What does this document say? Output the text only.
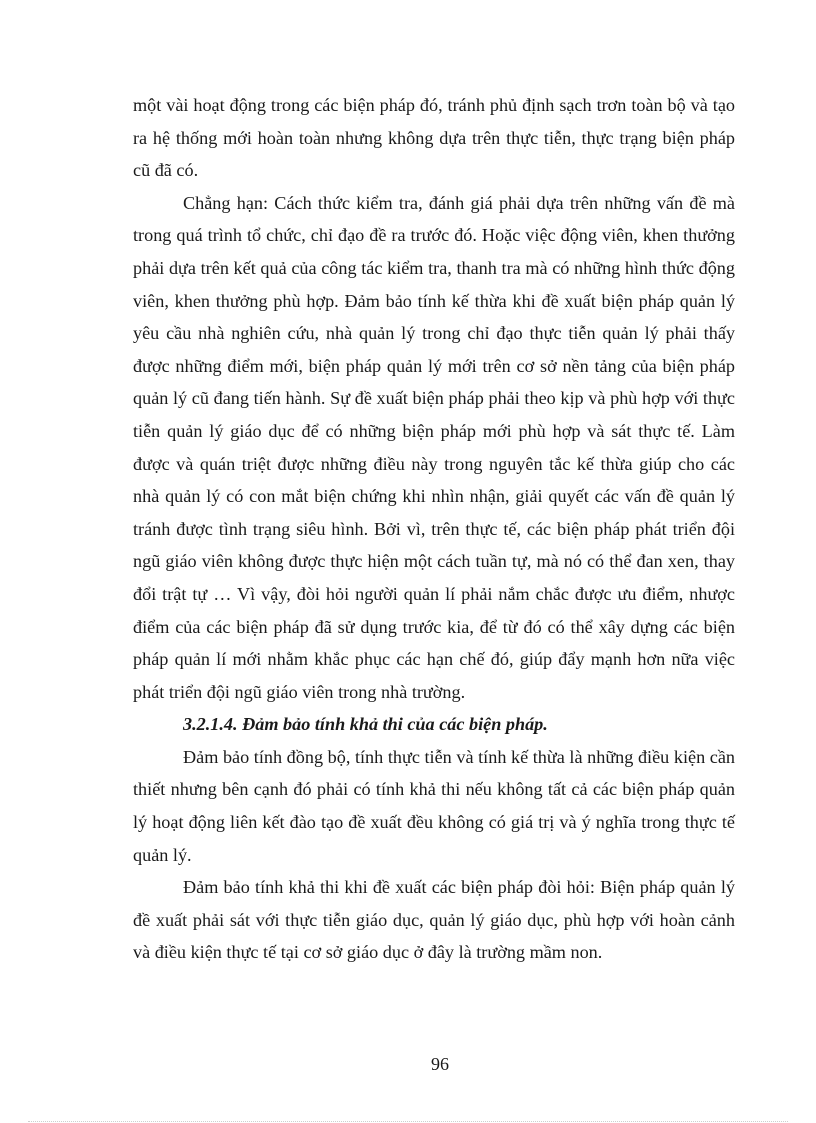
một vài hoạt động trong các biện pháp đó, tránh phủ định sạch trơn toàn bộ và tạo ra hệ thống mới hoàn toàn nhưng không dựa trên thực tiễn, thực trạng biện pháp cũ đã có.

Chẳng hạn: Cách thức kiểm tra, đánh giá phải dựa trên những vấn đề mà trong quá trình tổ chức, chỉ đạo đề ra trước đó. Hoặc việc động viên, khen thưởng phải dựa trên kết quả của công tác kiểm tra, thanh tra mà có những hình thức động viên, khen thưởng phù hợp. Đảm bảo tính kế thừa khi đề xuất biện pháp quản lý yêu cầu nhà nghiên cứu, nhà quản lý trong chỉ đạo thực tiễn quản lý phải thấy được những điểm mới, biện pháp quản lý mới trên cơ sở nền tảng của biện pháp quản lý cũ đang tiến hành. Sự đề xuất biện pháp phải theo kịp và phù hợp với thực tiễn quản lý giáo dục để có những biện pháp mới phù hợp và sát thực tế. Làm được và quán triệt được những điều này trong nguyên tắc kế thừa giúp cho các nhà quản lý có con mắt biện chứng khi nhìn nhận, giải quyết các vấn đề quản lý tránh được tình trạng siêu hình. Bởi vì, trên thực tế, các biện pháp phát triển đội ngũ giáo viên không được thực hiện một cách tuần tự, mà nó có thể đan xen, thay đổi trật tự … Vì vậy, đòi hỏi người quản lí phải nắm chắc được ưu điểm, nhược điểm của các biện pháp đã sử dụng trước kia, để từ đó có thể xây dựng các biện pháp quản lí mới nhằm khắc phục các hạn chế đó, giúp đẩy mạnh hơn nữa việc phát triển đội ngũ giáo viên trong nhà trường.

3.2.1.4. Đảm bảo tính khả thi của các biện pháp.

Đảm bảo tính đồng bộ, tính thực tiễn và tính kế thừa là những điều kiện cần thiết nhưng bên cạnh đó phải có tính khả thi nếu không tất cả các biện pháp quản lý hoạt động liên kết đào tạo đề xuất đều không có giá trị và ý nghĩa trong thực tế quản lý.

Đảm bảo tính khả thi khi đề xuất các biện pháp đòi hỏi: Biện pháp quản lý đề xuất phải sát với thực tiễn giáo dục, quản lý giáo dục, phù hợp với hoàn cảnh và điều kiện thực tế tại cơ sở giáo dục ở đây là trường mầm non.

96
